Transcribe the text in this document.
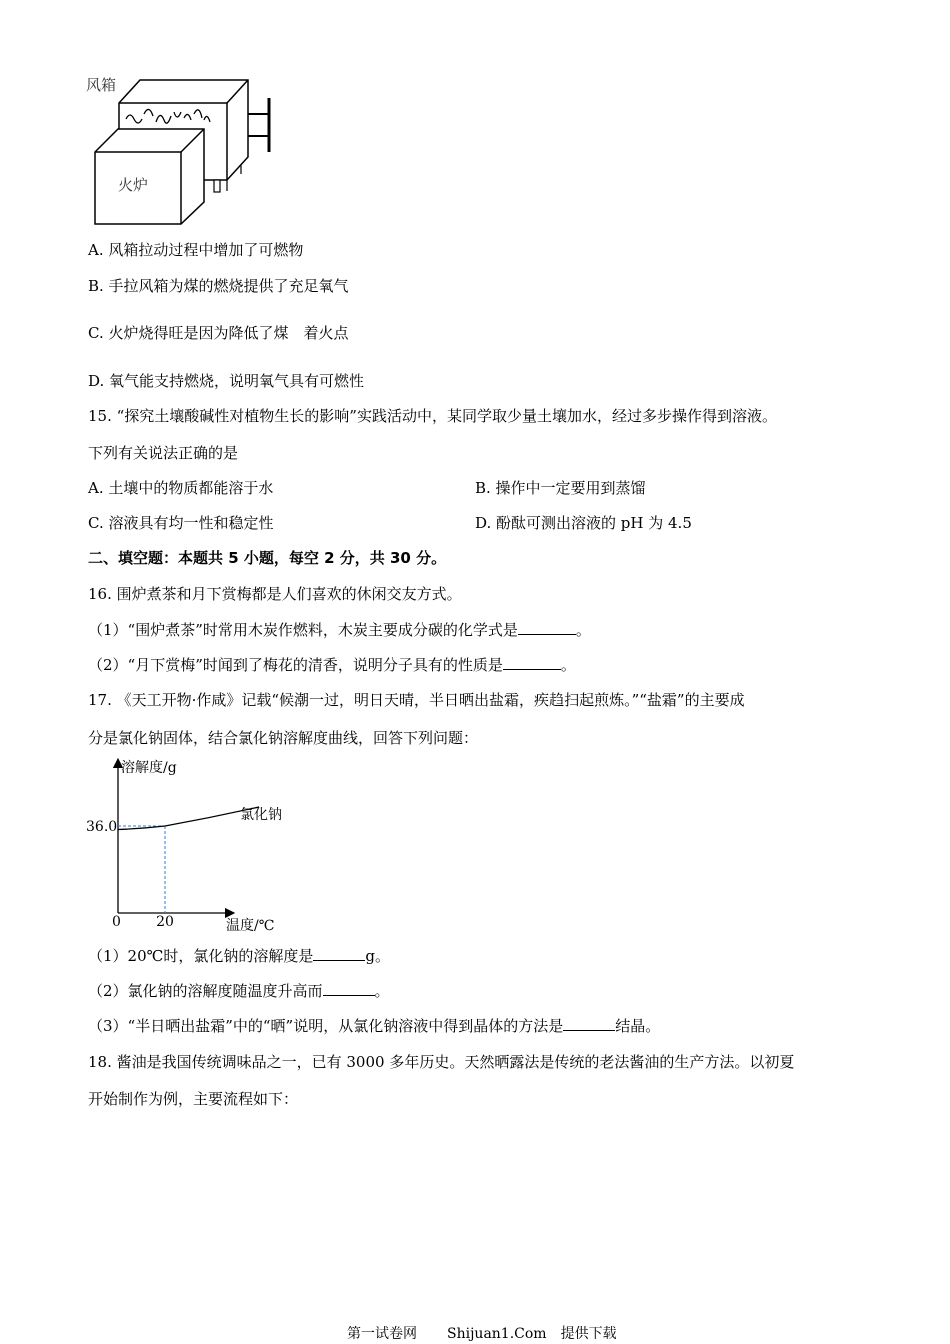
风箱
火炉
A. 风箱拉动过程中增加了可燃物
B. 手拉风箱为煤的燃烧提供了充足氧气
C. 火炉烧得旺是因为降低了煤　着火点
D. 氧气能支持燃烧，说明氧气具有可燃性
15. “探究土壤酸碱性对植物生长的影响”实践活动中，某同学取少量土壤加水，经过多步操作得到溶液。
下列有关说法正确的是
A. 土壤中的物质都能溶于水	B. 操作中一定要用到蒸馏
C. 溶液具有均一性和稳定性	D. 酚酞可测出溶液的 pH 为 4.5
二、填空题：本题共 5 小题，每空 2 分，共 30 分。
16. 围炉煮茶和月下赏梅都是人们喜欢的休闲交友方式。
（1）“围炉煮茶”时常用木炭作燃料，木炭主要成分碳的化学式是	。
（2）“月下赏梅”时闻到了梅花的清香，说明分子具有的性质是	。
17. 《天工开物·作咸》记载“候潮一过，明日天晴，半日晒出盐霜，疾趋扫起煎炼。”“盐霜”的主要成
分是氯化钠固体，结合氯化钠溶解度曲线，回答下列问题：
溶解度/g
温度/℃
36.0
0	20
氯化钠
（1）20℃时，氯化钠的溶解度是	g。
（2）氯化钠的溶解度随温度升高而	。
（3）“半日晒出盐霜”中的“晒”说明，从氯化钠溶液中得到晶体的方法是	结晶。
18. 酱油是我国传统调味品之一，已有 3000 多年历史。天然晒露法是传统的老法酱油的生产方法。以初夏
开始制作为例，主要流程如下：
第一试卷网 Shijuan1.Com 提供下载
